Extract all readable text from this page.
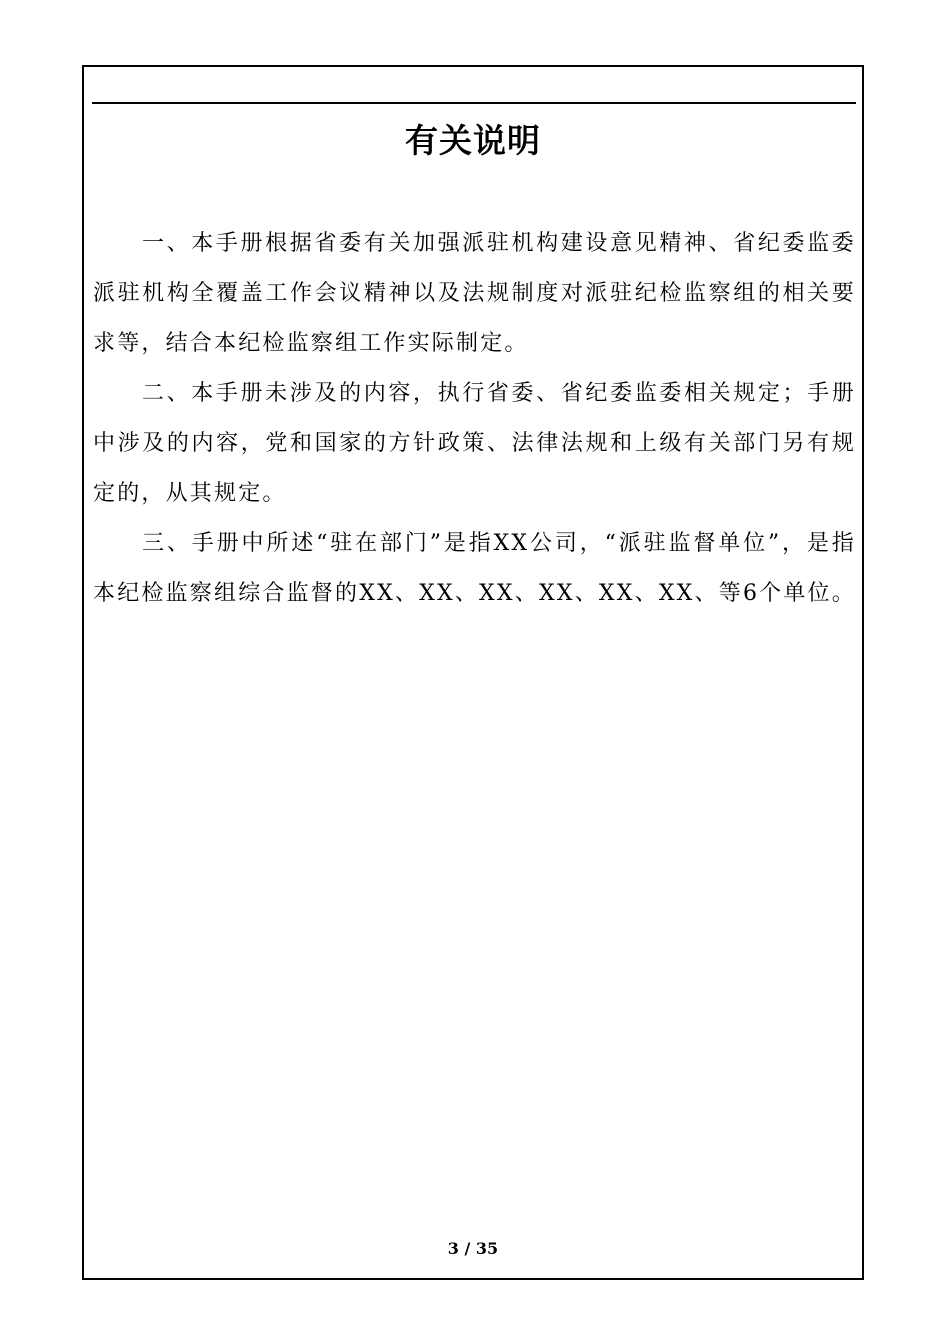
有关说明

一、本手册根据省委有关加强派驻机构建设意见精神、省纪委监委派驻机构全覆盖工作会议精神以及法规制度对派驻纪检监察组的相关要求等，结合本纪检监察组工作实际制定。

二、本手册未涉及的内容，执行省委、省纪委监委相关规定；手册中涉及的内容，党和国家的方针政策、法律法规和上级有关部门另有规定的，从其规定。

三、手册中所述“驻在部门”是指XX公司，“派驻监督单位”，是指本纪检监察组综合监督的XX、XX、XX、XX、XX、XX、等6个单位。

3 / 35
